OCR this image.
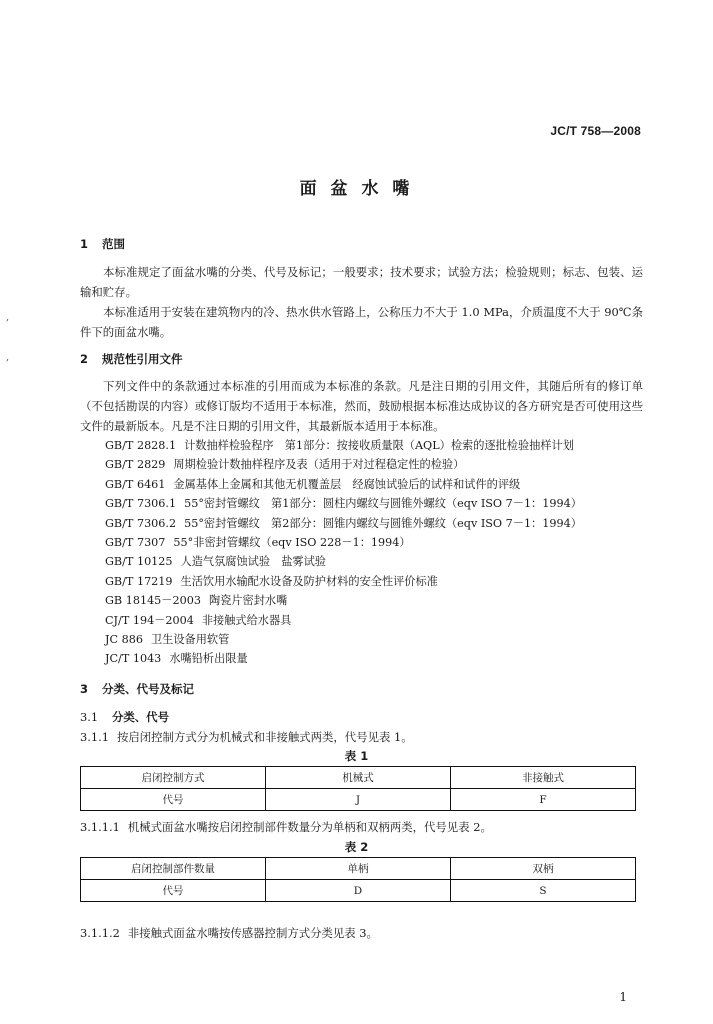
JC/T 758—2008
面 盆 水 嘴
1 范围

本标准规定了面盆水嘴的分类、代号及标记；一般要求；技术要求；试验方法；检验规则；标志、包装、运输和贮存。

本标准适用于安装在建筑物内的冷、热水供水管路上，公称压力不大于 1.0 MPa，介质温度不大于 90℃条件下的面盆水嘴。

2 规范性引用文件

下列文件中的条款通过本标准的引用而成为本标准的条款。凡是注日期的引用文件，其随后所有的修订单（不包括勘误的内容）或修订版均不适用于本标准，然而，鼓励根据本标准达成协议的各方研究是否可使用这些文件的最新版本。凡是不注日期的引用文件，其最新版本适用于本标准。

GB/T 2828.1 计数抽样检验程序　第1部分：按接收质量限（AQL）检索的逐批检验抽样计划
GB/T 2829 周期检验计数抽样程序及表（适用于对过程稳定性的检验）
GB/T 6461 金属基体上金属和其他无机覆盖层　经腐蚀试验后的试样和试件的评级
GB/T 7306.1 55°密封管螺纹　第1部分：圆柱内螺纹与圆锥外螺纹（eqv ISO 7－1：1994）
GB/T 7306.2 55°密封管螺纹　第2部分：圆锥内螺纹与圆锥外螺纹（eqv ISO 7－1：1994）
GB/T 7307 55°非密封管螺纹（eqv ISO 228－1：1994）
GB/T 10125 人造气氛腐蚀试验　盐雾试验
GB/T 17219 生活饮用水输配水设备及防护材料的安全性评价标准
GB 18145－2003 陶瓷片密封水嘴
CJ/T 194－2004 非接触式给水器具
JC 886 卫生设备用软管
JC/T 1043 水嘴铅析出限量
3 分类、代号及标记
3.1 分类、代号
3.1.1 按启闭控制方式分为机械式和非接触式两类，代号见表 1。
表 1
启闭控制方式	机械式	非接触式
代号	J	F
3.1.1.1 机械式面盆水嘴按启闭控制部件数量分为单柄和双柄两类，代号见表 2。
表 2
启闭控制部件数量	单柄	双柄
代号	D	S
3.1.1.2 非接触式面盆水嘴按传感器控制方式分类见表 3。
1
,
,
